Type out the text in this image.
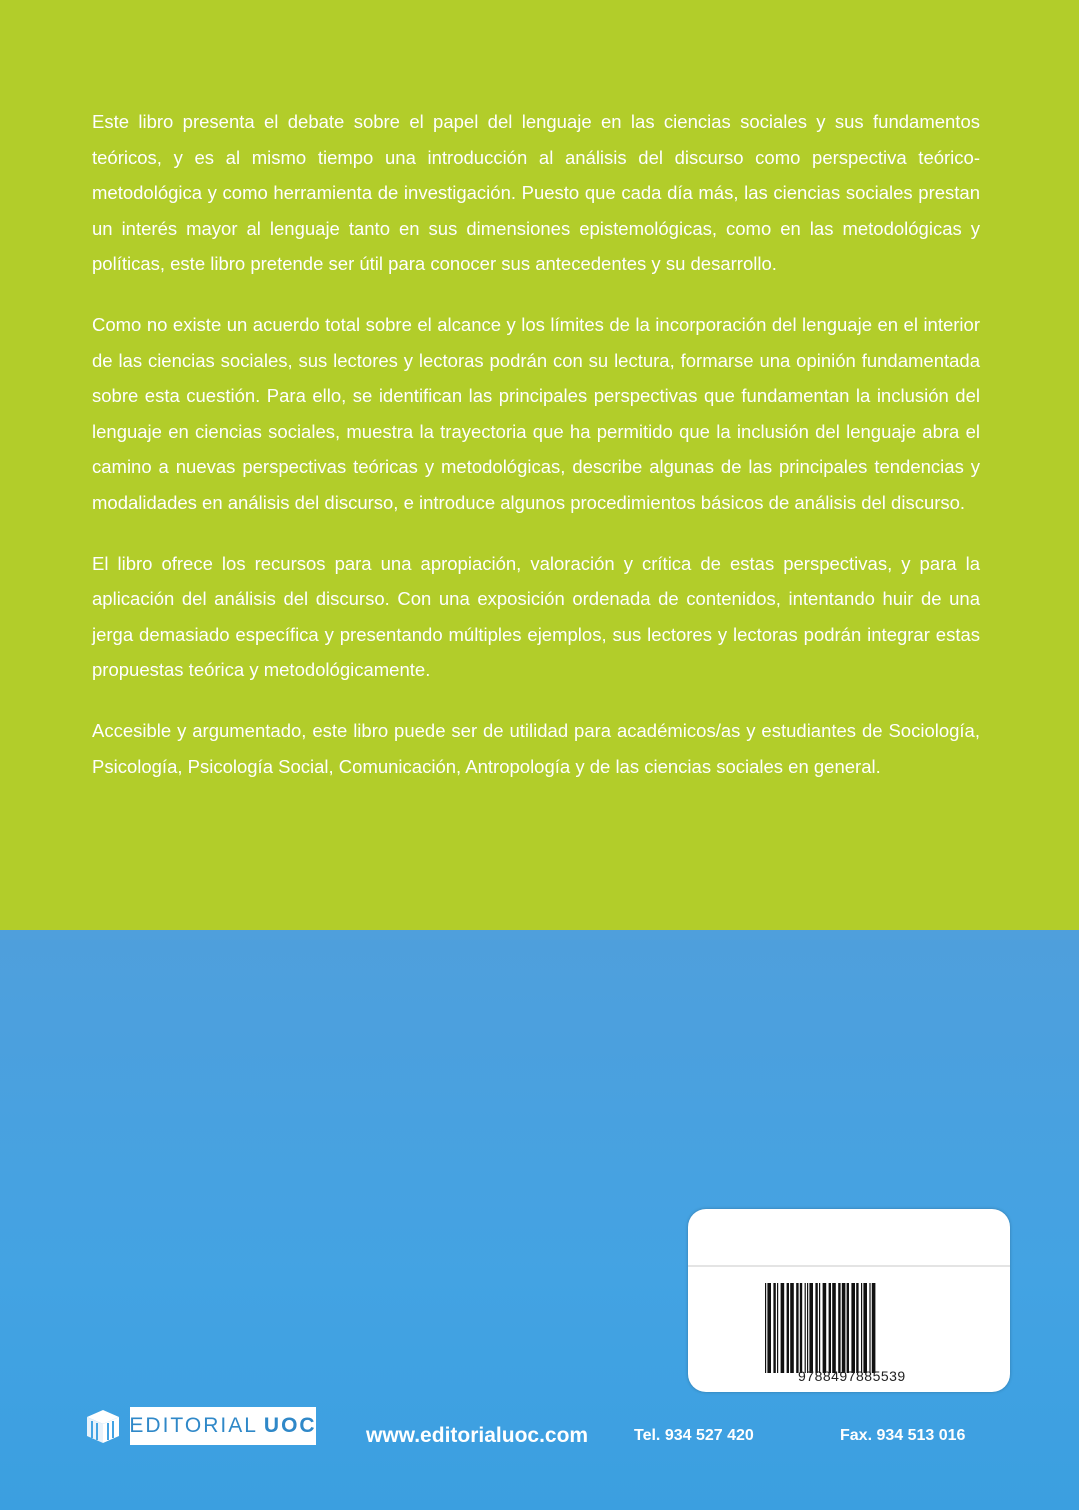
Este libro presenta el debate sobre el papel del lenguaje en las ciencias sociales y sus fundamentos teóricos, y es al mismo tiempo una introducción al análisis del discurso como perspectiva teórico-metodológica y como herramienta de investigación. Puesto que cada día más, las ciencias sociales prestan un interés mayor al lenguaje tanto en sus dimensiones epistemológicas, como en las metodológicas y políticas, este libro pretende ser útil para conocer sus antecedentes y su desarrollo.

Como no existe un acuerdo total sobre el alcance y los límites de la incorporación del lenguaje en el interior de las ciencias sociales, sus lectores y lectoras podrán con su lectura, formarse una opinión fundamentada sobre esta cuestión. Para ello, se identifican las principales perspectivas que fundamentan la inclusión del lenguaje en ciencias sociales, muestra la trayectoria que ha permitido que la inclusión del lenguaje abra el camino a nuevas perspectivas teóricas y metodológicas, describe algunas de las principales tendencias y modalidades en análisis del discurso, e introduce algunos procedimientos básicos de análisis del discurso.

El libro ofrece los recursos para una apropiación, valoración y crítica de estas perspectivas, y para la aplicación del análisis del discurso. Con una exposición ordenada de contenidos, intentando huir de una jerga demasiado específica y presentando múltiples ejemplos, sus lectores y lectoras podrán integrar estas propuestas teórica y metodológicamente.

Accesible y argumentado, este libro puede ser de utilidad para académicos/as y estudiantes de Sociología, Psicología, Psicología Social, Comunicación, Antropología y de las ciencias sociales en general.

9788497885539
EDITORIAL UOC www.editorialuoc.com	Tel. 934 527 420	Fax. 934 513 016
